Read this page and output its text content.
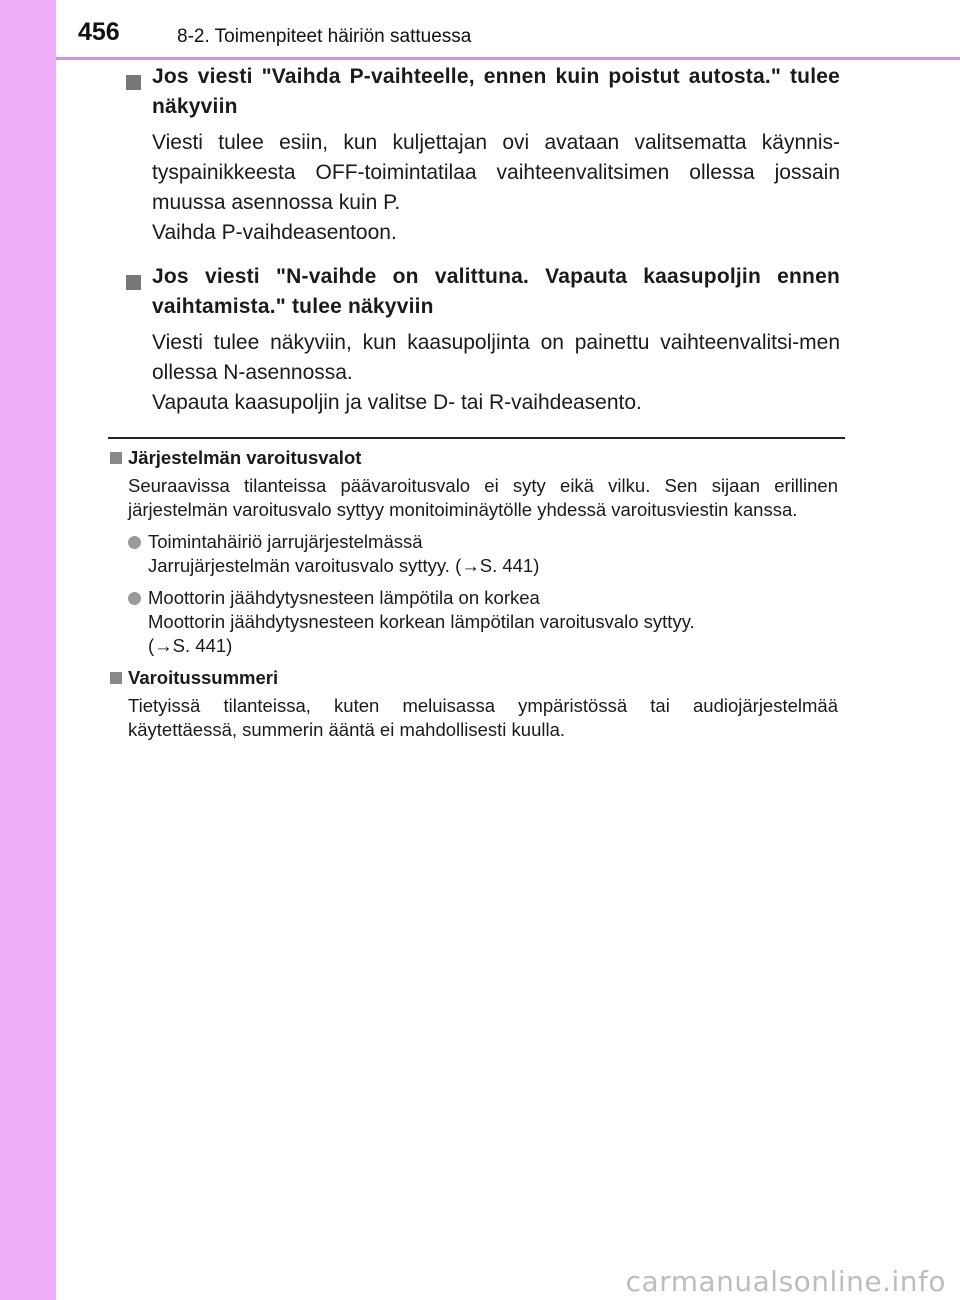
456	8-2. Toimenpiteet häiriön sattuessa

Jos viesti "Vaihda P-vaihteelle, ennen kuin poistut autosta." tulee näkyviin

Viesti tulee esiin, kun kuljettajan ovi avataan valitsematta käynnis-tyspainikkeesta OFF-toimintatilaa vaihteenvalitsimen ollessa jossain muussa asennossa kuin P.

Vaihda P-vaihdeasentoon.

Jos viesti "N-vaihde on valittuna. Vapauta kaasupoljin ennen vaihtamista." tulee näkyviin

Viesti tulee näkyviin, kun kaasupoljinta on painettu vaihteenvalitsi-men ollessa N-asennossa.

Vapauta kaasupoljin ja valitse D- tai R-vaihdeasento.

Järjestelmän varoitusvalot

Seuraavissa tilanteissa päävaroitusvalo ei syty eikä vilku. Sen sijaan erillinen järjestelmän varoitusvalo syttyy monitoiminäytölle yhdessä varoitusviestin kanssa.

Toimintahäiriö jarrujärjestelmässä

Jarrujärjestelmän varoitusvalo syttyy. (→S. 441)

Moottorin jäähdytysnesteen lämpötila on korkea

Moottorin jäähdytysnesteen korkean lämpötilan varoitusvalo syttyy.

(→S. 441)

Varoitussummeri

Tietyissä tilanteissa, kuten meluisassa ympäristössä tai audiojärjestelmää käytettäessä, summerin ääntä ei mahdollisesti kuulla.

carmanualsonline.info
